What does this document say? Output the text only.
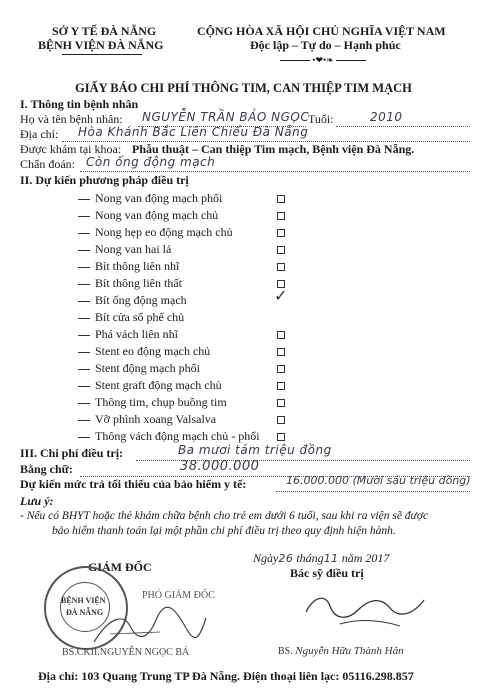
SỞ Y TẾ ĐÀ NẴNG
BỆNH VIỆN ĐÀ NẴNG
CỘNG HÒA XÃ HỘI CHỦ NGHĨA VIỆT NAM
Độc lập – Tự do – Hạnh phúc
•❤•❧
GIẤY BÁO CHI PHÍ THÔNG TIM, CAN THIỆP TIM MẠCH
I. Thông tin bệnh nhân
Họ và tên bệnh nhân: NGUYỄN TRẦN BẢO NGỌC
Tuổi:	2010
Địa chỉ: Hòa Khánh Bắc Liên Chiểu Đà Nẵng
Được khám tại khoa: Phẫu thuật – Can thiệp Tim mạch, Bệnh viện Đà Nẵng.
Chẩn đoán: Còn ống động mạch
II. Dự kiến phương pháp điều trị
Nong van động mạch phổi
Nong van động mạch chủ
Nong hẹp eo động mạch chủ
Nong van hai lá
Bít thông liên nhĩ
Bít thông liên thất
Bít ống động mạch	✓
Bít cửa sổ phế chủ
Phá vách liên nhĩ
Stent eo động mạch chủ
Stent động mạch phổi
Stent graft động mạch chủ
Thông tim, chụp buồng tim
Vỡ phình xoang Valsalva
Thông vách động mạch chủ - phổi
III. Chi phí điều trị:	Ba mươi tám triệu đồng
Bằng chữ:	38.000.000
Dự kiến mức trả tối thiểu của bảo hiểm y tế:	16.000.000 (Mười sáu triệu đồng)
Lưu ý:
- Nếu có BHYT hoặc thẻ khám chữa bệnh cho trẻ em dưới 6 tuổi, sau khi ra viện sẽ được
bảo hiểm thanh toán lại một phần chi phí điều trị theo quy định hiện hành.
GIÁM ĐỐC
BỆNH VIỆN
ĐÀ NẴNG
PHÓ GIÁM ĐỐC
BS.CKII.NGUYỄN NGỌC BÁ
Ngày26 tháng11 năm 2017
Bác sỹ điều trị
BS. Nguyễn Hữu Thành Hân
Địa chỉ: 103 Quang Trung TP Đà Nẵng. Điện thoại liên lạc: 05116.298.857
